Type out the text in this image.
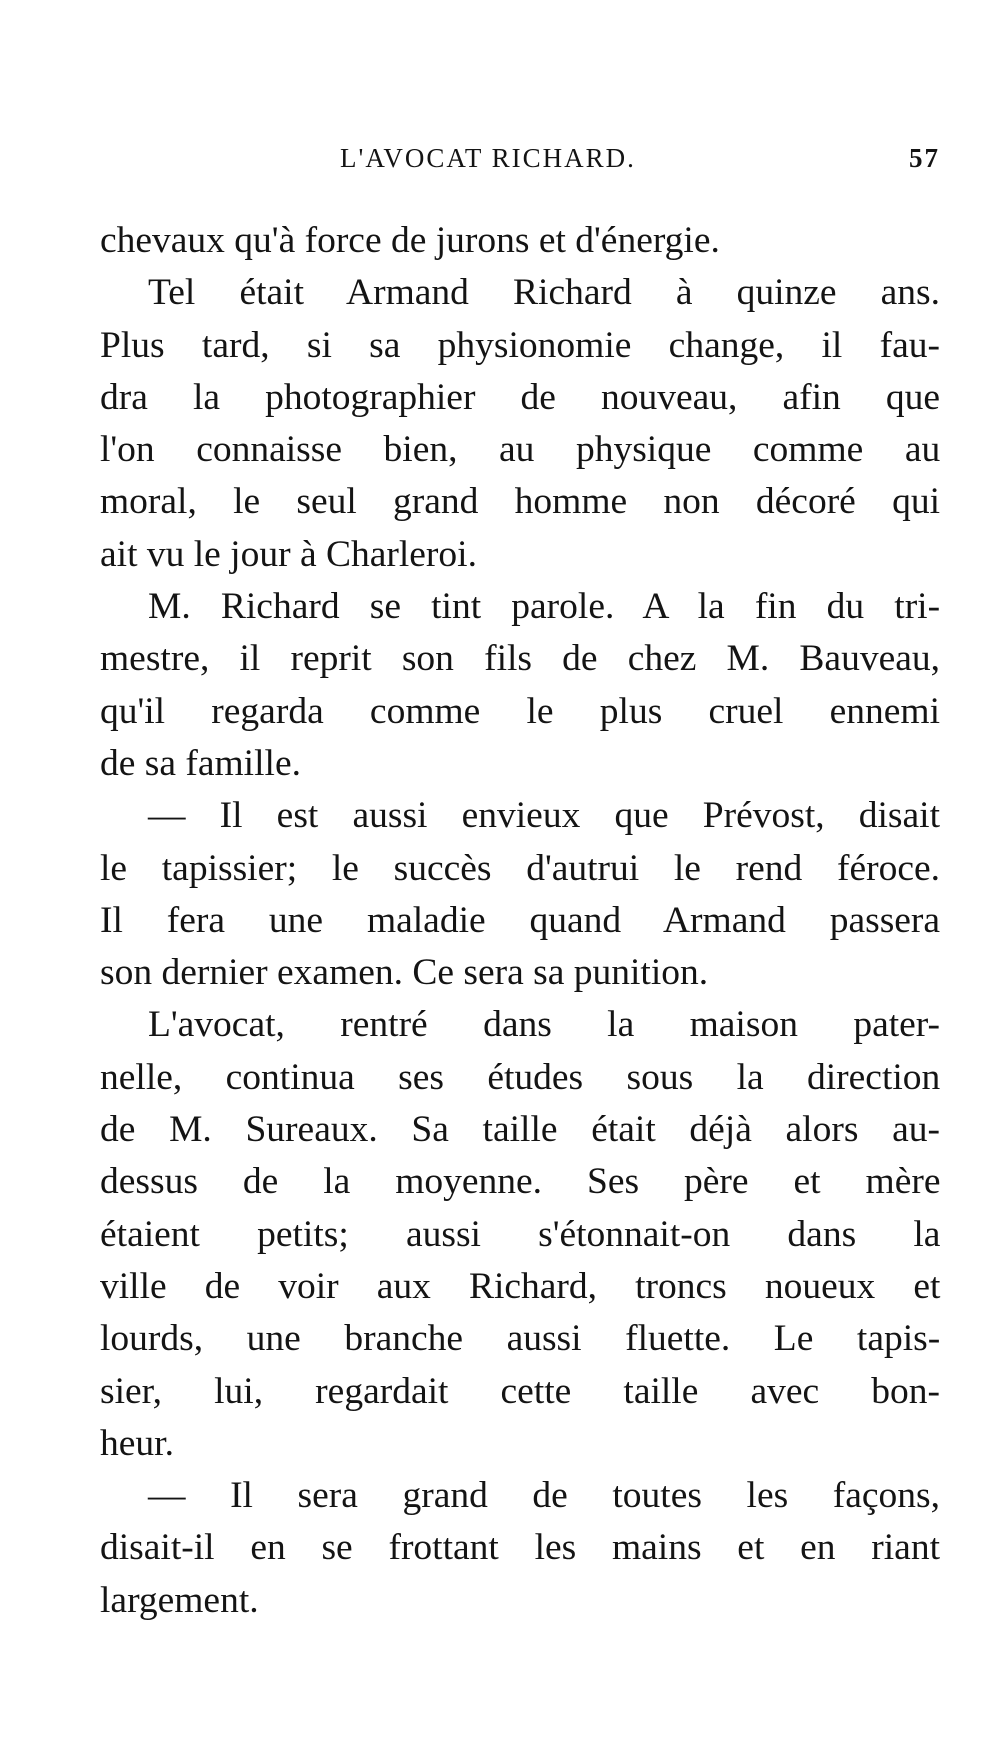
L'AVOCAT RICHARD.	57
chevaux qu'à force de jurons et d'énergie.
Tel était Armand Richard à quinze ans.
Plus tard, si sa physionomie change, il fau-
dra la photographier de nouveau, afin que
l'on connaisse bien, au physique comme au
moral, le seul grand homme non décoré qui
ait vu le jour à Charleroi.
M. Richard se tint parole. A la fin du tri-
mestre, il reprit son fils de chez M. Bauveau,
qu'il regarda comme le plus cruel ennemi
de sa famille.
— Il est aussi envieux que Prévost, disait
le tapissier; le succès d'autrui le rend féroce.
Il fera une maladie quand Armand passera
son dernier examen. Ce sera sa punition.
L'avocat, rentré dans la maison pater-
nelle, continua ses études sous la direction
de M. Sureaux. Sa taille était déjà alors au-
dessus de la moyenne. Ses père et mère
étaient petits; aussi s'étonnait-on dans la
ville de voir aux Richard, troncs noueux et
lourds, une branche aussi fluette. Le tapis-
sier, lui, regardait cette taille avec bon-
heur.
— Il sera grand de toutes les façons,
disait-il en se frottant les mains et en riant
largement.
